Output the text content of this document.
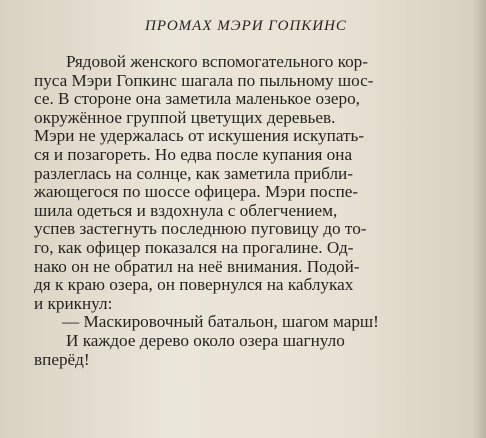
ПРОМАХ МЭРИ ГОПКИНС
Рядовой женского вспомогательного кор-
пуса Мэри Гопкинс шагала по пыльному шос-
се. В стороне она заметила маленькое озеро,
окружённое группой цветущих деревьев.
Мэри не удержалась от искушения искупать-
ся и позагореть. Но едва после купания она
разлеглась на солнце, как заметила прибли-
жающегося по шоссе офицера. Мэри поспе-
шила одеться и вздохнула с облегчением,
успев застегнуть последнюю пуговицу до то-
го, как офицер показался на прогалине. Од-
нако он не обратил на неё внимания. Подой-
дя к краю озера, он повернулся на каблуках
и крикнул:
— Маскировочный батальон, шагом марш!
И каждое дерево около озера шагнуло
вперёд!
